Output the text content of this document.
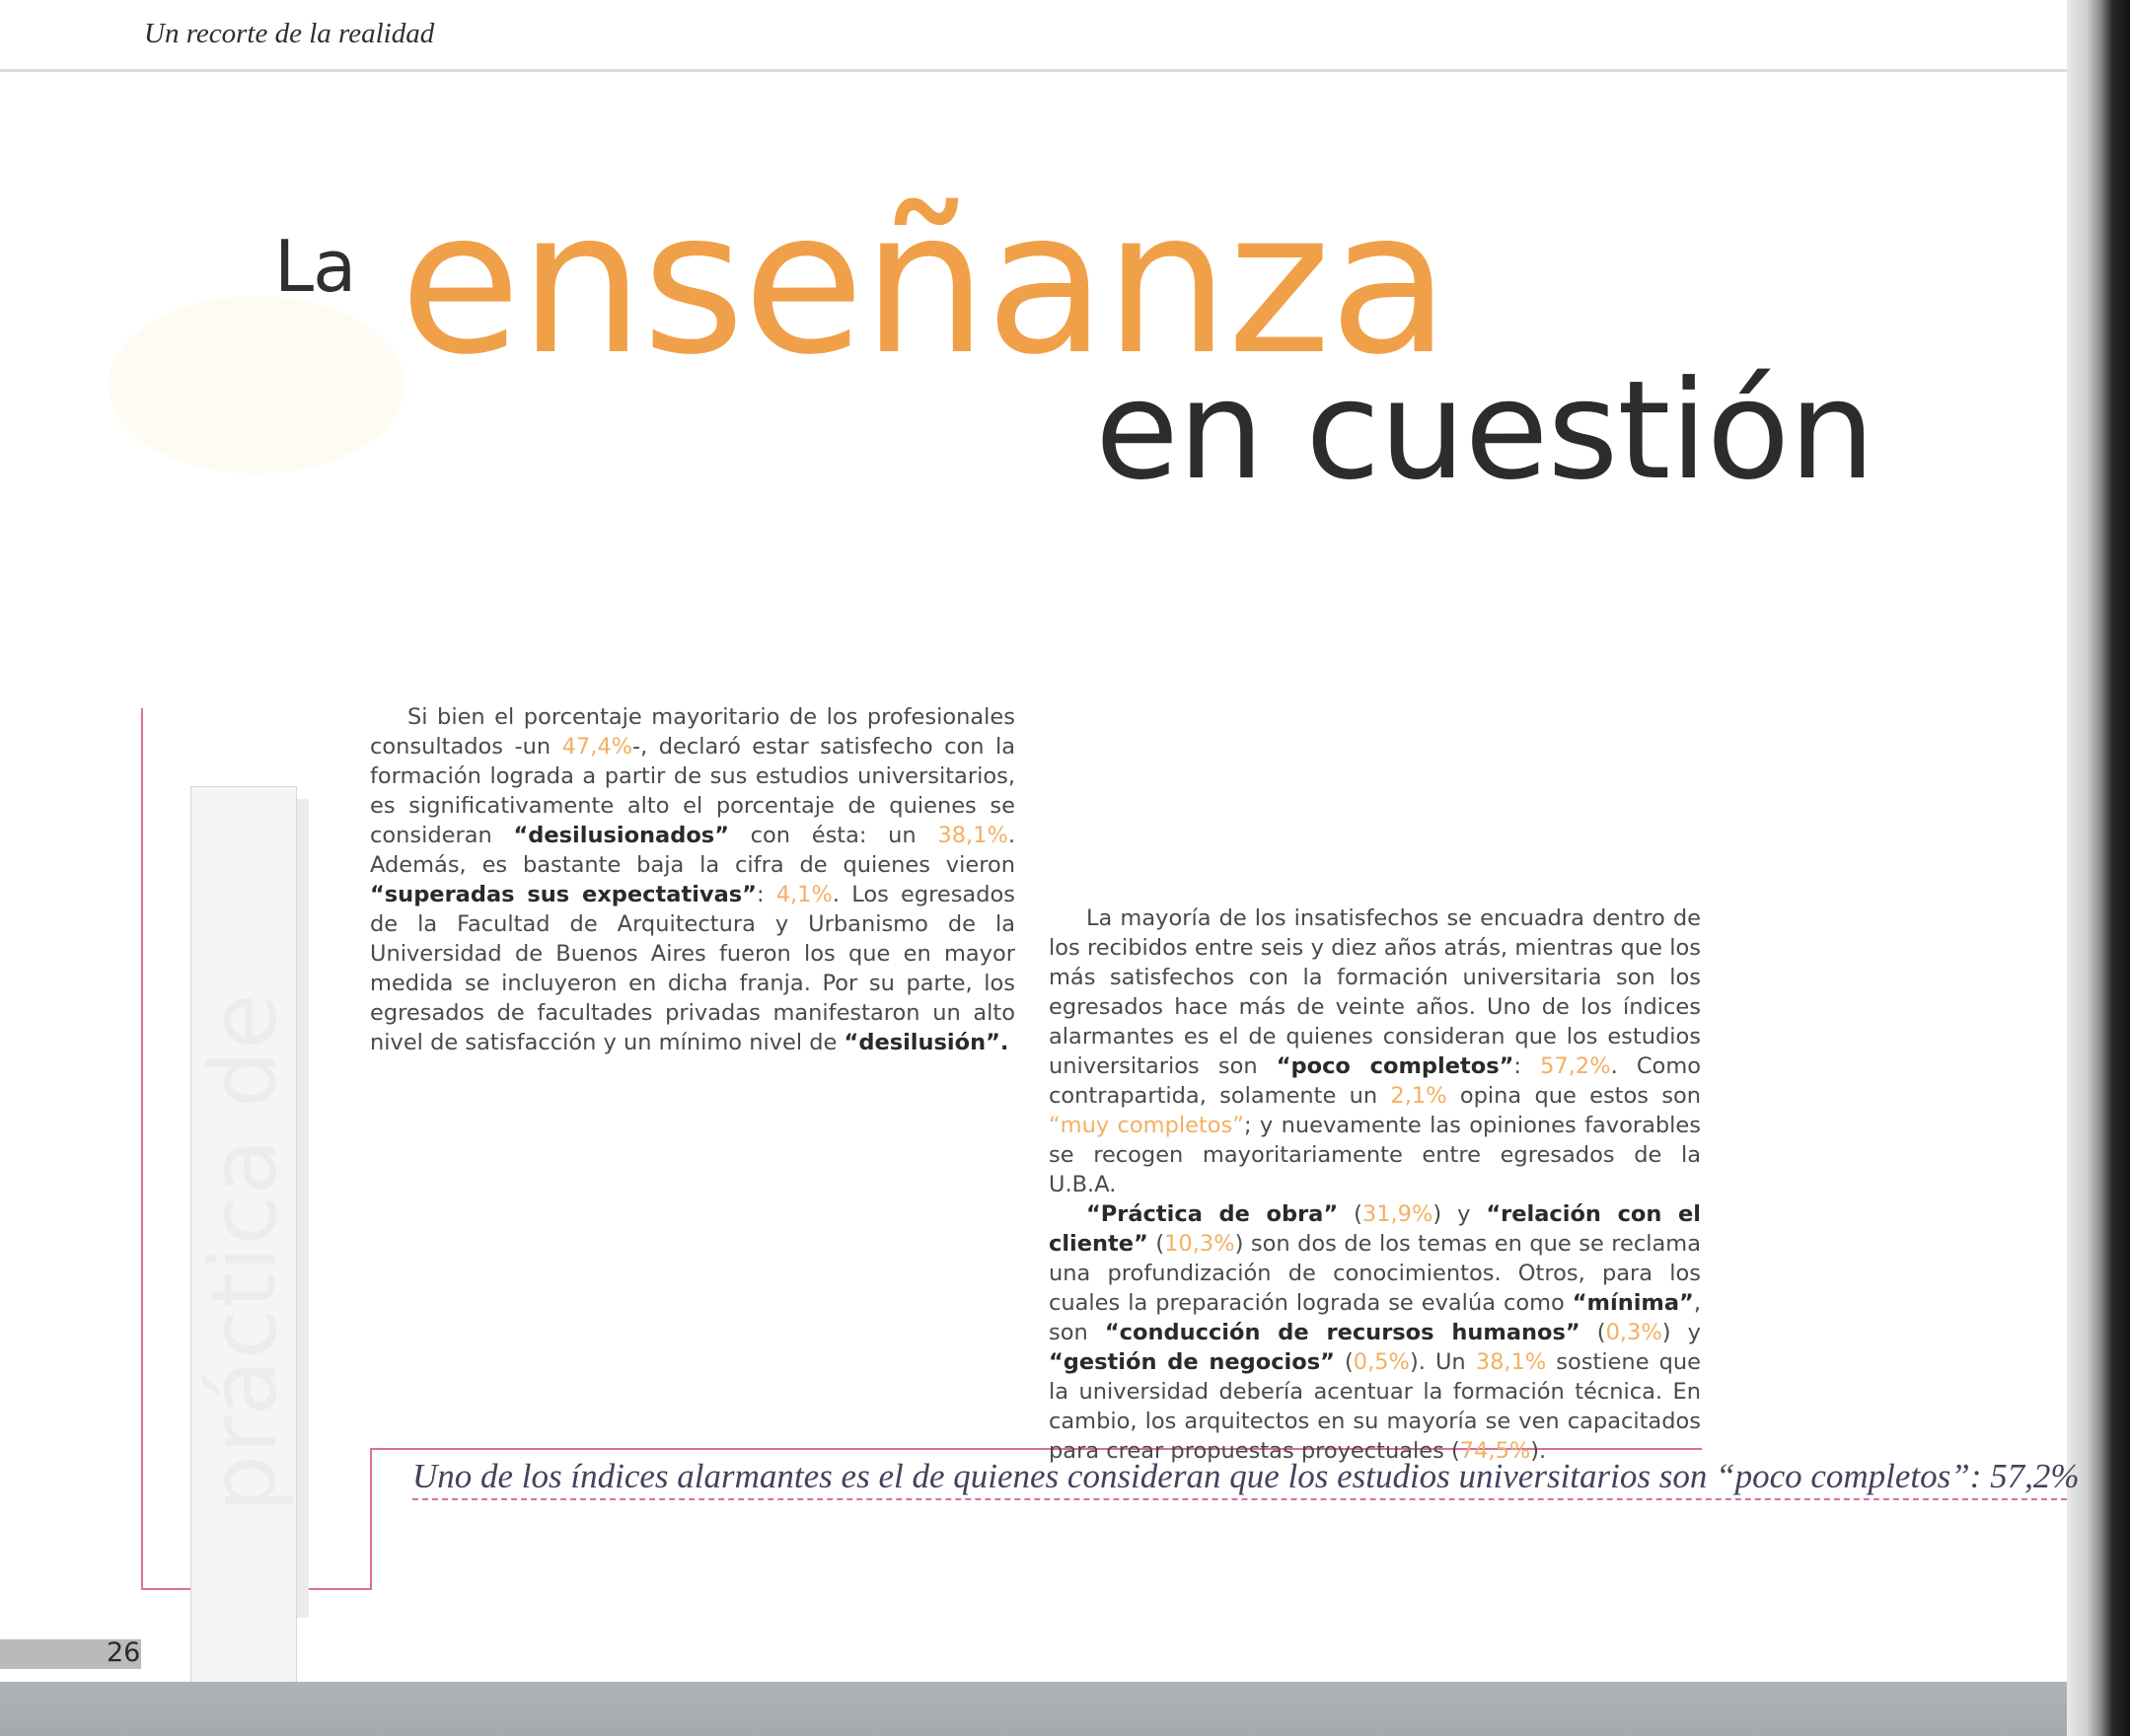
Un recorte de la realidad
La enseñanza
en cuestión
práctica de

Si bien el porcentaje mayoritario de los profesionales consultados -un 47,4%-, declaró estar satisfecho con la formación lograda a partir de sus estudios universitarios, es significativamente alto el porcentaje de quienes se consideran “desilusionados” con ésta: un 38,1%. Además, es bastante baja la cifra de quienes vieron “superadas sus expectativas”: 4,1%. Los egresados de la Facultad de Arquitectura y Urbanismo de la Universidad de Buenos Aires fueron los que en mayor medida se incluyeron en dicha franja. Por su parte, los egresados de facultades privadas manifestaron un alto nivel de satisfacción y un mínimo nivel de “desilusión”.

La mayoría de los insatisfechos se encuadra dentro de los recibidos entre seis y diez años atrás, mientras que los más satisfechos con la formación universitaria son los egresados hace más de veinte años. Uno de los índices alarmantes es el de quienes consideran que los estudios universitarios son “poco completos”: 57,2%. Como contrapartida, solamente un 2,1% opina que estos son “muy completos”; y nuevamente las opiniones favorables se recogen mayoritariamente entre egresados de la U.B.A.

“Práctica de obra” (31,9%) y “relación con el cliente” (10,3%) son dos de los temas en que se reclama una profundización de conocimientos. Otros, para los cuales la preparación lograda se evalúa como “mínima”, son “conducción de recursos humanos” (0,3%) y “gestión de negocios” (0,5%). Un 38,1% sostiene que la universidad debería acentuar la formación técnica. En cambio, los arquitectos en su mayoría se ven capacitados para crear propuestas proyectuales (74,5%).

Uno de los índices alarmantes es el de quienes consideran que los estudios universitarios son “poco completos”: 57,2%
26
